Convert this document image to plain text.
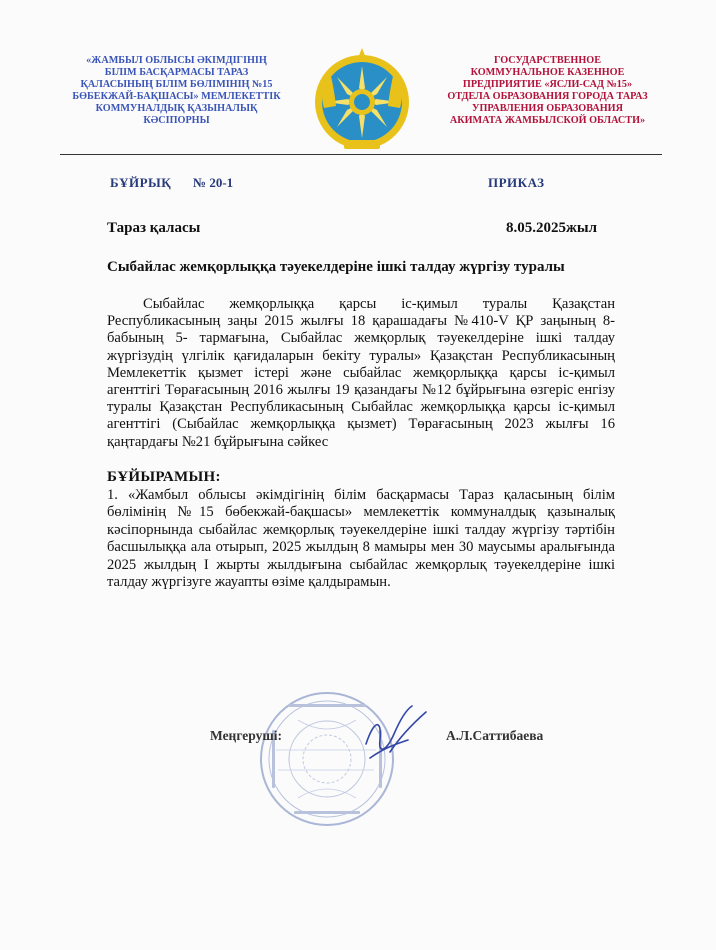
«ЖАМБЫЛ ОБЛЫСЫ ӘКІМДІГІНІҢ
БІЛІМ БАСҚАРМАСЫ ТАРАЗ
ҚАЛАСЫНЫҢ БІЛІМ БӨЛІМІНІҢ №15
БӨБЕКЖАЙ-БАҚШАСЫ» МЕМЛЕКЕТТІК
КОММУНАЛДЫҚ ҚАЗЫНАЛЫҚ
КӘСІПОРНЫ
ГОСУДАРСТВЕННОЕ
КОММУНАЛЬНОЕ КАЗЕННОЕ
ПРЕДПРИЯТИЕ «ЯСЛИ-САД №15»
ОТДЕЛА ОБРАЗОВАНИЯ ГОРОДА ТАРАЗ
УПРАВЛЕНИЯ ОБРАЗОВАНИЯ
АКИМАТА ЖАМБЫЛСКОЙ ОБЛАСТИ»
БҰЙРЫҚ № 20-1	ПРИКАЗ
Тараз қаласы	8.05.2025жыл
Сыбайлас жемқорлыққа тәуекелдеріне ішкі талдау жүргізу туралы
Сыбайлас жемқорлыққа қарсы іс-қимыл туралы Қазақстан Республикасының заңы 2015 жылғы 18 қарашадағы №410-V ҚР заңының 8-бабының 5- тармағына, Сыбайлас жемқорлық тәуекелдеріне ішкі талдау жүргізудің үлгілік қағидаларын бекіту туралы» Қазақстан Республикасының Мемлекеттік қызмет істері және сыбайлас жемқорлыққа қарсы іс-қимыл агенттігі Төрағасының 2016 жылғы 19 қазандағы №12 бұйрығына өзгеріс енгізу туралы Қазақстан Республикасының Сыбайлас жемқорлыққа қарсы іс-қимыл агенттігі (Сыбайлас жемқорлыққа қызмет) Төрағасының 2023 жылғы 16 қаңтардағы №21 бұйрығына сәйкес
БҰЙЫРАМЫН:
1. «Жамбыл облысы әкімдігінің білім басқармасы Тараз қаласының білім бөлімінің №15 бөбекжай-бақшасы» мемлекеттік коммуналдық қазыналық кәсіпорнында сыбайлас жемқорлық тәуекелдеріне ішкі талдау жүргізу тәртібін басшылыққа ала отырып, 2025 жылдың 8 мамыры мен 30 маусымы аралығында 2025 жылдың І жырты жылдығына сыбайлас жемқорлық тәуекелдеріне ішкі талдау жүргізуге жауапты өзіме қалдырамын.
Меңгеруші:	А.Л.Саттибаева
